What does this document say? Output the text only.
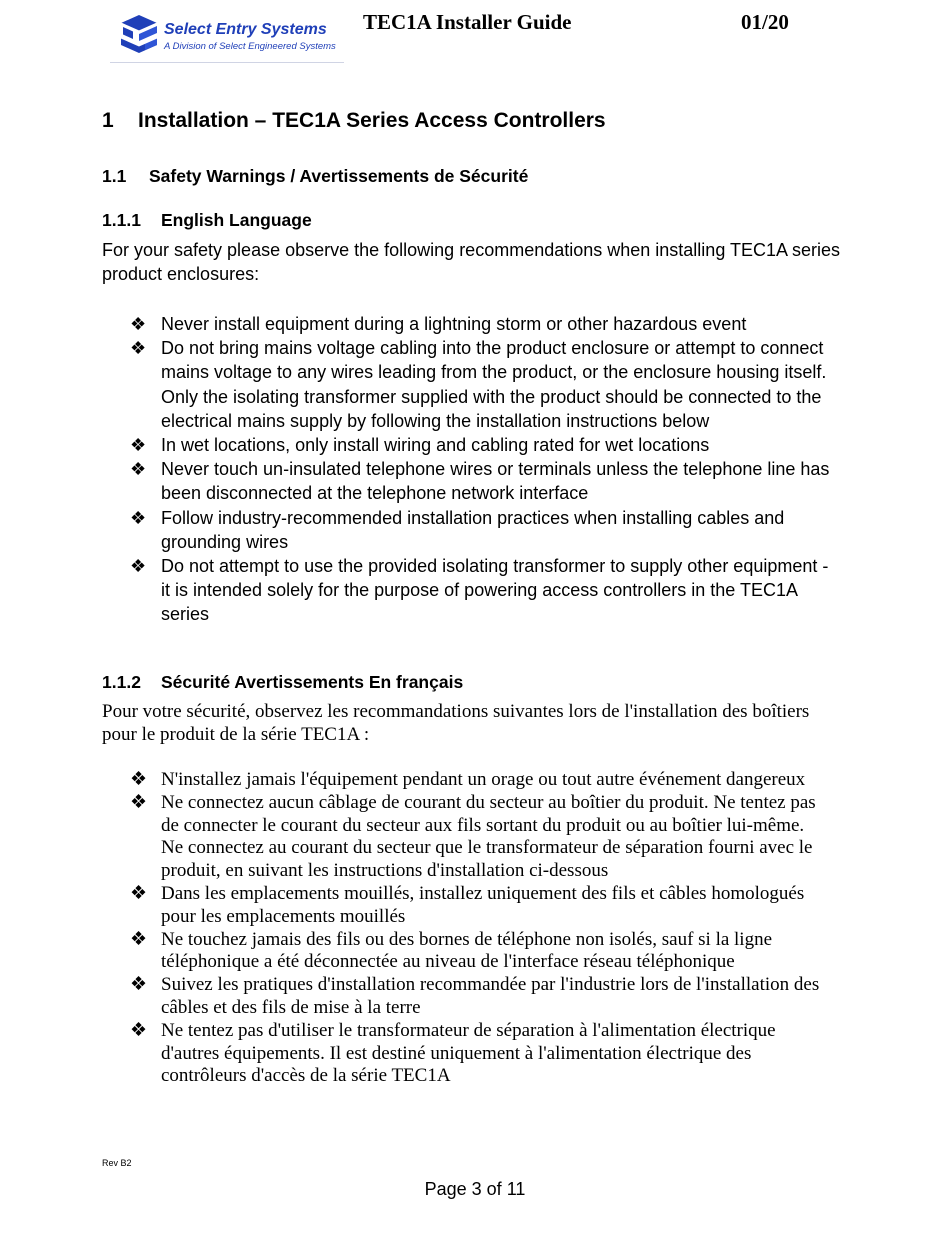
Select Entry Systems
A Division of Select Engineered Systems
TEC1A Installer Guide	01/20
1 Installation – TEC1A Series Access Controllers
1.1 Safety Warnings / Avertissements de Sécurité
1.1.1 English Language
For your safety please observe the following recommendations when installing TEC1A series product enclosures:
❖ Never install equipment during a lightning storm or other hazardous event
❖ Do not bring mains voltage cabling into the product enclosure or attempt to connect mains voltage to any wires leading from the product, or the enclosure housing itself. Only the isolating transformer supplied with the product should be connected to the electrical mains supply by following the installation instructions below
❖ In wet locations, only install wiring and cabling rated for wet locations
❖ Never touch un-insulated telephone wires or terminals unless the telephone line has been disconnected at the telephone network interface
❖ Follow industry-recommended installation practices when installing cables and grounding wires
❖ Do not attempt to use the provided isolating transformer to supply other equipment - it is intended solely for the purpose of powering access controllers in the TEC1A series
1.1.2 Sécurité Avertissements En français
Pour votre sécurité, observez les recommandations suivantes lors de l'installation des boîtiers pour le produit de la série TEC1A :
❖ N'installez jamais l'équipement pendant un orage ou tout autre événement dangereux
❖ Ne connectez aucun câblage de courant du secteur au boîtier du produit. Ne tentez pas de connecter le courant du secteur aux fils sortant du produit ou au boîtier lui-même. Ne connectez au courant du secteur que le transformateur de séparation fourni avec le produit, en suivant les instructions d'installation ci-dessous
❖ Dans les emplacements mouillés, installez uniquement des fils et câbles homologués pour les emplacements mouillés
❖ Ne touchez jamais des fils ou des bornes de téléphone non isolés, sauf si la ligne téléphonique a été déconnectée au niveau de l'interface réseau téléphonique
❖ Suivez les pratiques d'installation recommandée par l'industrie lors de l'installation des câbles et des fils de mise à la terre
❖ Ne tentez pas d'utiliser le transformateur de séparation à l'alimentation électrique d'autres équipements. Il est destiné uniquement à l'alimentation électrique des contrôleurs d'accès de la série TEC1A
Rev B2
Page 3 of 11
